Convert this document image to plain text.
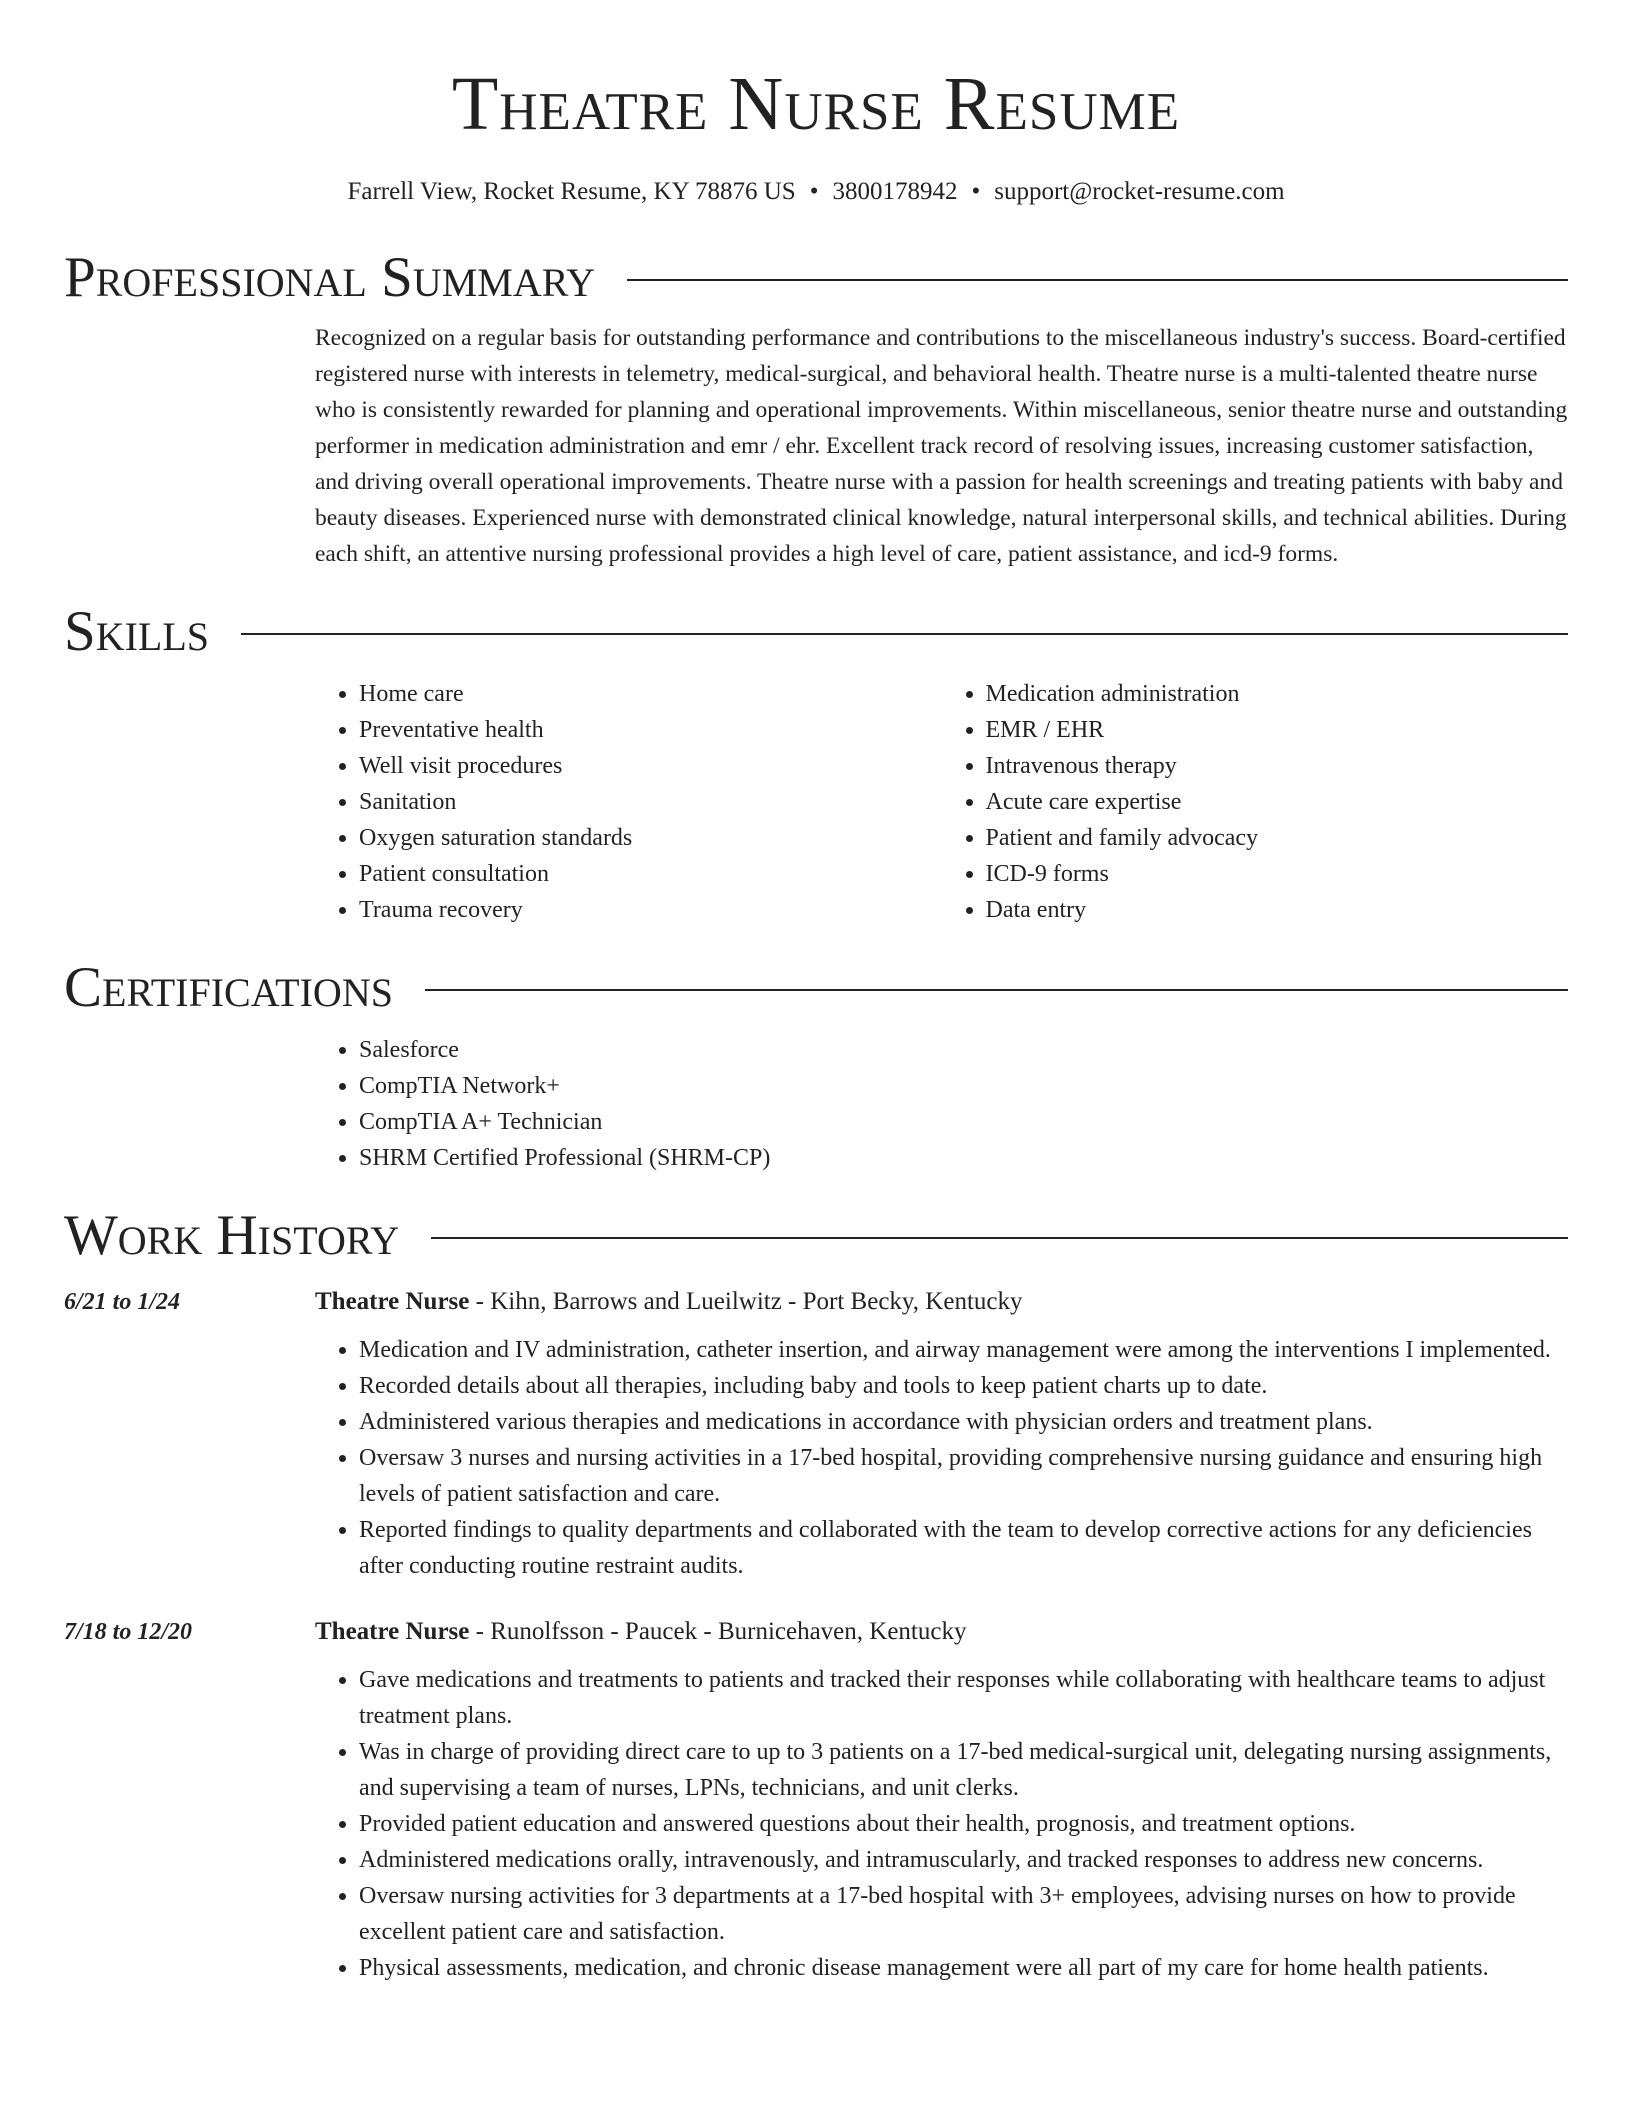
Theatre Nurse Resume
Farrell View, Rocket Resume, KY 78876 US • 3800178942 • support@rocket-resume.com
Professional Summary
Recognized on a regular basis for outstanding performance and contributions to the miscellaneous industry's success. Board-certified registered nurse with interests in telemetry, medical-surgical, and behavioral health. Theatre nurse is a multi-talented theatre nurse who is consistently rewarded for planning and operational improvements. Within miscellaneous, senior theatre nurse and outstanding performer in medication administration and emr / ehr. Excellent track record of resolving issues, increasing customer satisfaction, and driving overall operational improvements. Theatre nurse with a passion for health screenings and treating patients with baby and beauty diseases. Experienced nurse with demonstrated clinical knowledge, natural interpersonal skills, and technical abilities. During each shift, an attentive nursing professional provides a high level of care, patient assistance, and icd-9 forms.
Skills
• Home care
• Preventative health
• Well visit procedures
• Sanitation
• Oxygen saturation standards
• Patient consultation
• Trauma recovery
• Medication administration
• EMR / EHR
• Intravenous therapy
• Acute care expertise
• Patient and family advocacy
• ICD-9 forms
• Data entry
Certifications
• Salesforce
• CompTIA Network+
• CompTIA A+ Technician
• SHRM Certified Professional (SHRM-CP)
Work History
6/21 to 1/24	Theatre Nurse - Kihn, Barrows and Lueilwitz - Port Becky, Kentucky
• Medication and IV administration, catheter insertion, and airway management were among the interventions I implemented.
• Recorded details about all therapies, including baby and tools to keep patient charts up to date.
• Administered various therapies and medications in accordance with physician orders and treatment plans.
• Oversaw 3 nurses and nursing activities in a 17-bed hospital, providing comprehensive nursing guidance and ensuring high levels of patient satisfaction and care.
• Reported findings to quality departments and collaborated with the team to develop corrective actions for any deficiencies after conducting routine restraint audits.
7/18 to 12/20	Theatre Nurse - Runolfsson - Paucek - Burnicehaven, Kentucky
• Gave medications and treatments to patients and tracked their responses while collaborating with healthcare teams to adjust treatment plans.
• Was in charge of providing direct care to up to 3 patients on a 17-bed medical-surgical unit, delegating nursing assignments, and supervising a team of nurses, LPNs, technicians, and unit clerks.
• Provided patient education and answered questions about their health, prognosis, and treatment options.
• Administered medications orally, intravenously, and intramuscularly, and tracked responses to address new concerns.
• Oversaw nursing activities for 3 departments at a 17-bed hospital with 3+ employees, advising nurses on how to provide excellent patient care and satisfaction.
• Physical assessments, medication, and chronic disease management were all part of my care for home health patients.
